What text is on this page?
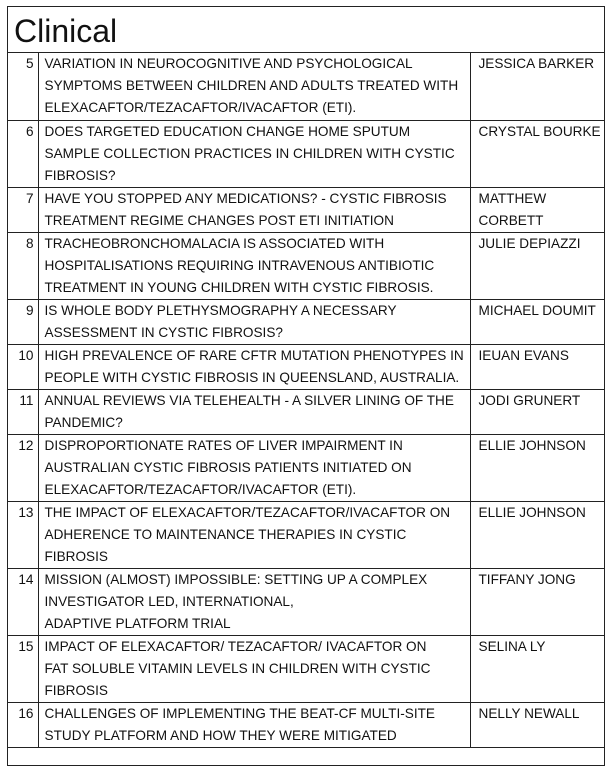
Clinical
5	VARIATION IN NEUROCOGNITIVE AND PSYCHOLOGICAL
SYMPTOMS BETWEEN CHILDREN AND ADULTS TREATED WITH
ELEXACAFTOR/TEZACAFTOR/IVACAFTOR (ETI).	JESSICA BARKER
6	DOES TARGETED EDUCATION CHANGE HOME SPUTUM
SAMPLE COLLECTION PRACTICES IN CHILDREN WITH CYSTIC
FIBROSIS?	CRYSTAL BOURKE
7	HAVE YOU STOPPED ANY MEDICATIONS? - CYSTIC FIBROSIS
TREATMENT REGIME CHANGES POST ETI INITIATION	MATTHEW
CORBETT
8	TRACHEOBRONCHOMALACIA IS ASSOCIATED WITH
HOSPITALISATIONS REQUIRING INTRAVENOUS ANTIBIOTIC
TREATMENT IN YOUNG CHILDREN WITH CYSTIC FIBROSIS.	JULIE DEPIAZZI
9	IS WHOLE BODY PLETHYSMOGRAPHY A NECESSARY
ASSESSMENT IN CYSTIC FIBROSIS?	MICHAEL DOUMIT
10	HIGH PREVALENCE OF RARE CFTR MUTATION PHENOTYPES IN
PEOPLE WITH CYSTIC FIBROSIS IN QUEENSLAND, AUSTRALIA.	IEUAN EVANS
11	ANNUAL REVIEWS VIA TELEHEALTH - A SILVER LINING OF THE
PANDEMIC?	JODI GRUNERT
12	DISPROPORTIONATE RATES OF LIVER IMPAIRMENT IN
AUSTRALIAN CYSTIC FIBROSIS PATIENTS INITIATED ON
ELEXACAFTOR/TEZACAFTOR/IVACAFTOR (ETI).	ELLIE JOHNSON
13	THE IMPACT OF ELEXACAFTOR/TEZACAFTOR/IVACAFTOR ON
ADHERENCE TO MAINTENANCE THERAPIES IN CYSTIC
FIBROSIS	ELLIE JOHNSON
14	MISSION (ALMOST) IMPOSSIBLE: SETTING UP A COMPLEX
INVESTIGATOR LED, INTERNATIONAL,
ADAPTIVE PLATFORM TRIAL	TIFFANY JONG
15	IMPACT OF ELEXACAFTOR/ TEZACAFTOR/ IVACAFTOR ON
FAT SOLUBLE VITAMIN LEVELS IN CHILDREN WITH CYSTIC
FIBROSIS	SELINA LY
16	CHALLENGES OF IMPLEMENTING THE BEAT-CF MULTI-SITE
STUDY PLATFORM AND HOW THEY WERE MITIGATED	NELLY NEWALL
